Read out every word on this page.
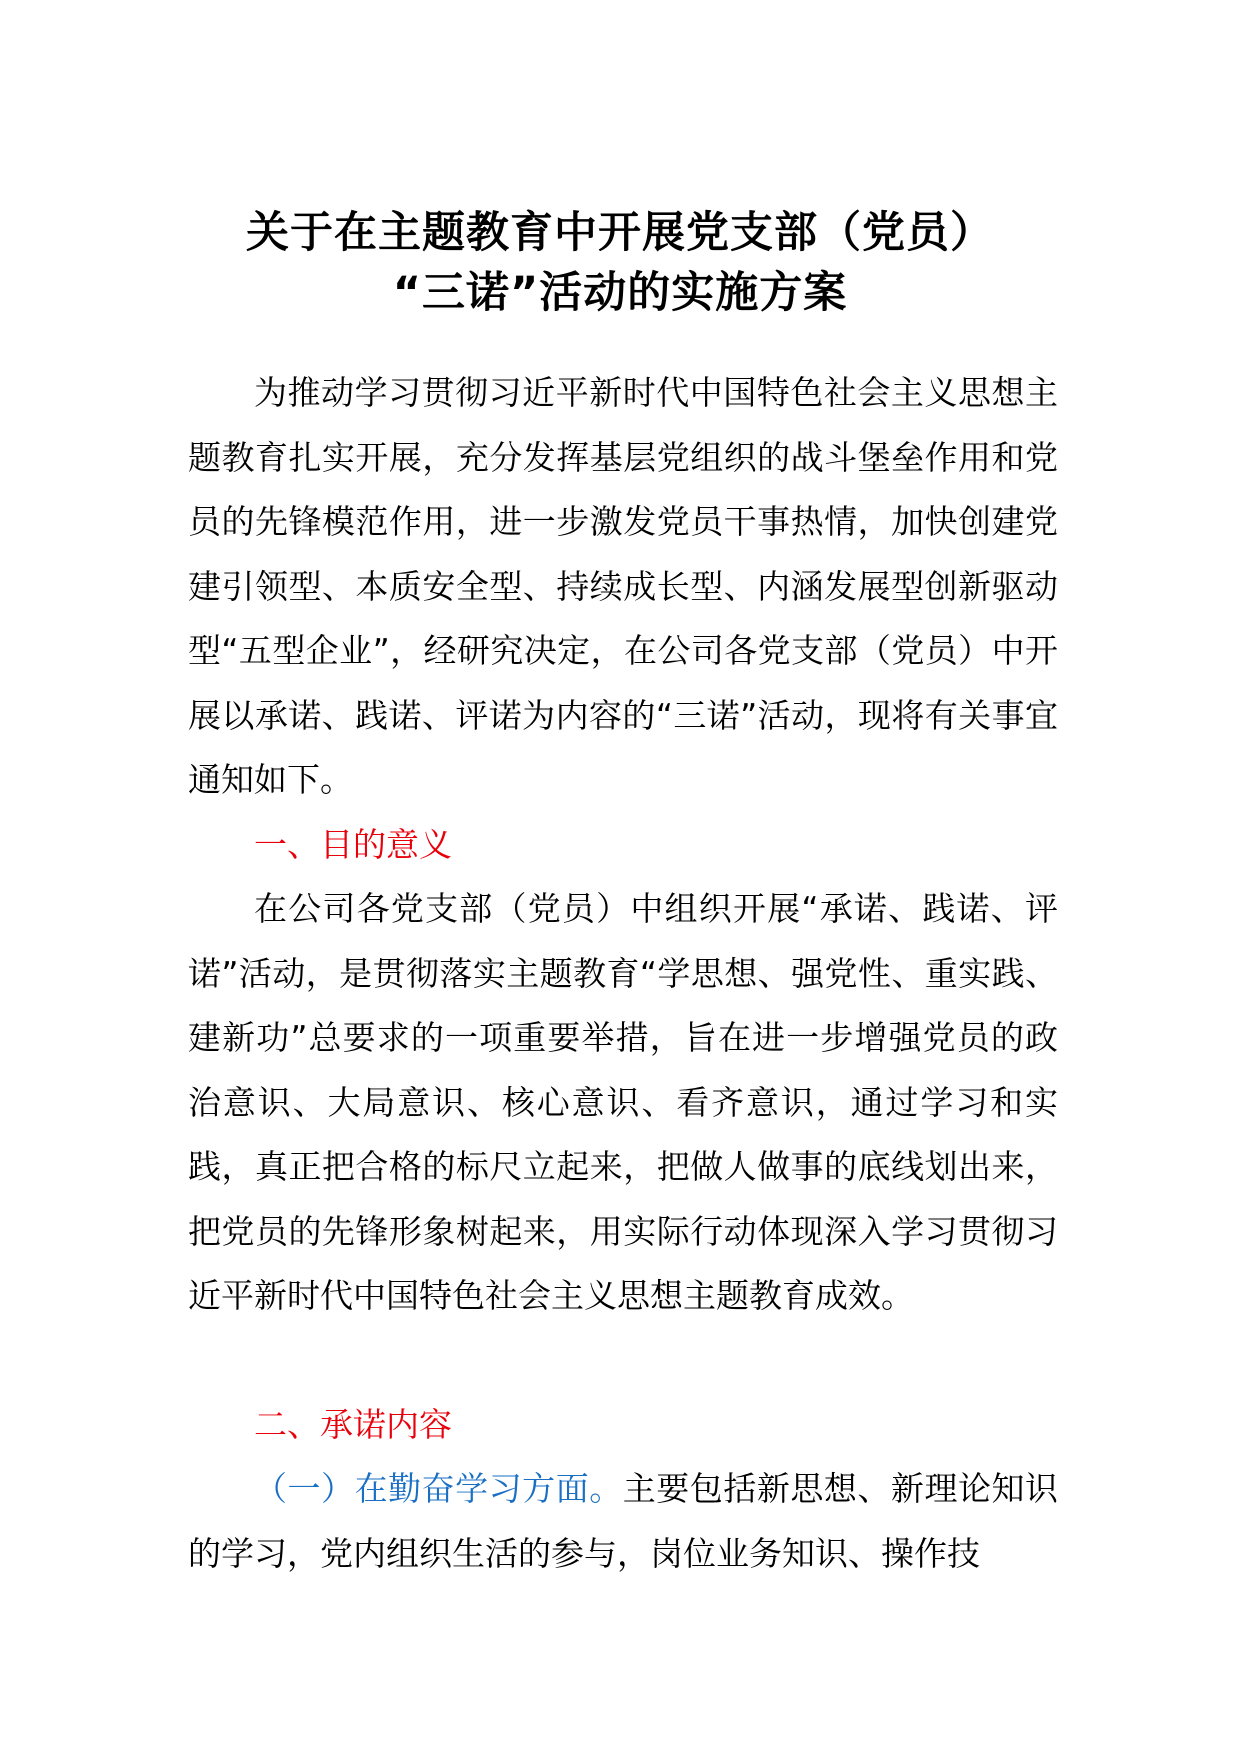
关于在主题教育中开展党支部（党员）
“三诺”活动的实施方案

为推动学习贯彻习近平新时代中国特色社会主义思想主题教育扎实开展，充分发挥基层党组织的战斗堡垒作用和党员的先锋模范作用，进一步激发党员干事热情，加快创建党建引领型、本质安全型、持续成长型、内涵发展型创新驱动型“五型企业”，经研究决定，在公司各党支部（党员）中开展以承诺、践诺、评诺为内容的“三诺”活动，现将有关事宜通知如下。

一、目的意义

在公司各党支部（党员）中组织开展“承诺、践诺、评诺”活动，是贯彻落实主题教育“学思想、强党性、重实践、建新功”总要求的一项重要举措，旨在进一步增强党员的政治意识、大局意识、核心意识、看齐意识，通过学习和实践，真正把合格的标尺立起来，把做人做事的底线划出来，把党员的先锋形象树起来，用实际行动体现深入学习贯彻习近平新时代中国特色社会主义思想主题教育成效。

二、承诺内容

（一）在勤奋学习方面。主要包括新思想、新理论知识的学习，党内组织生活的参与，岗位业务知识、操作技
